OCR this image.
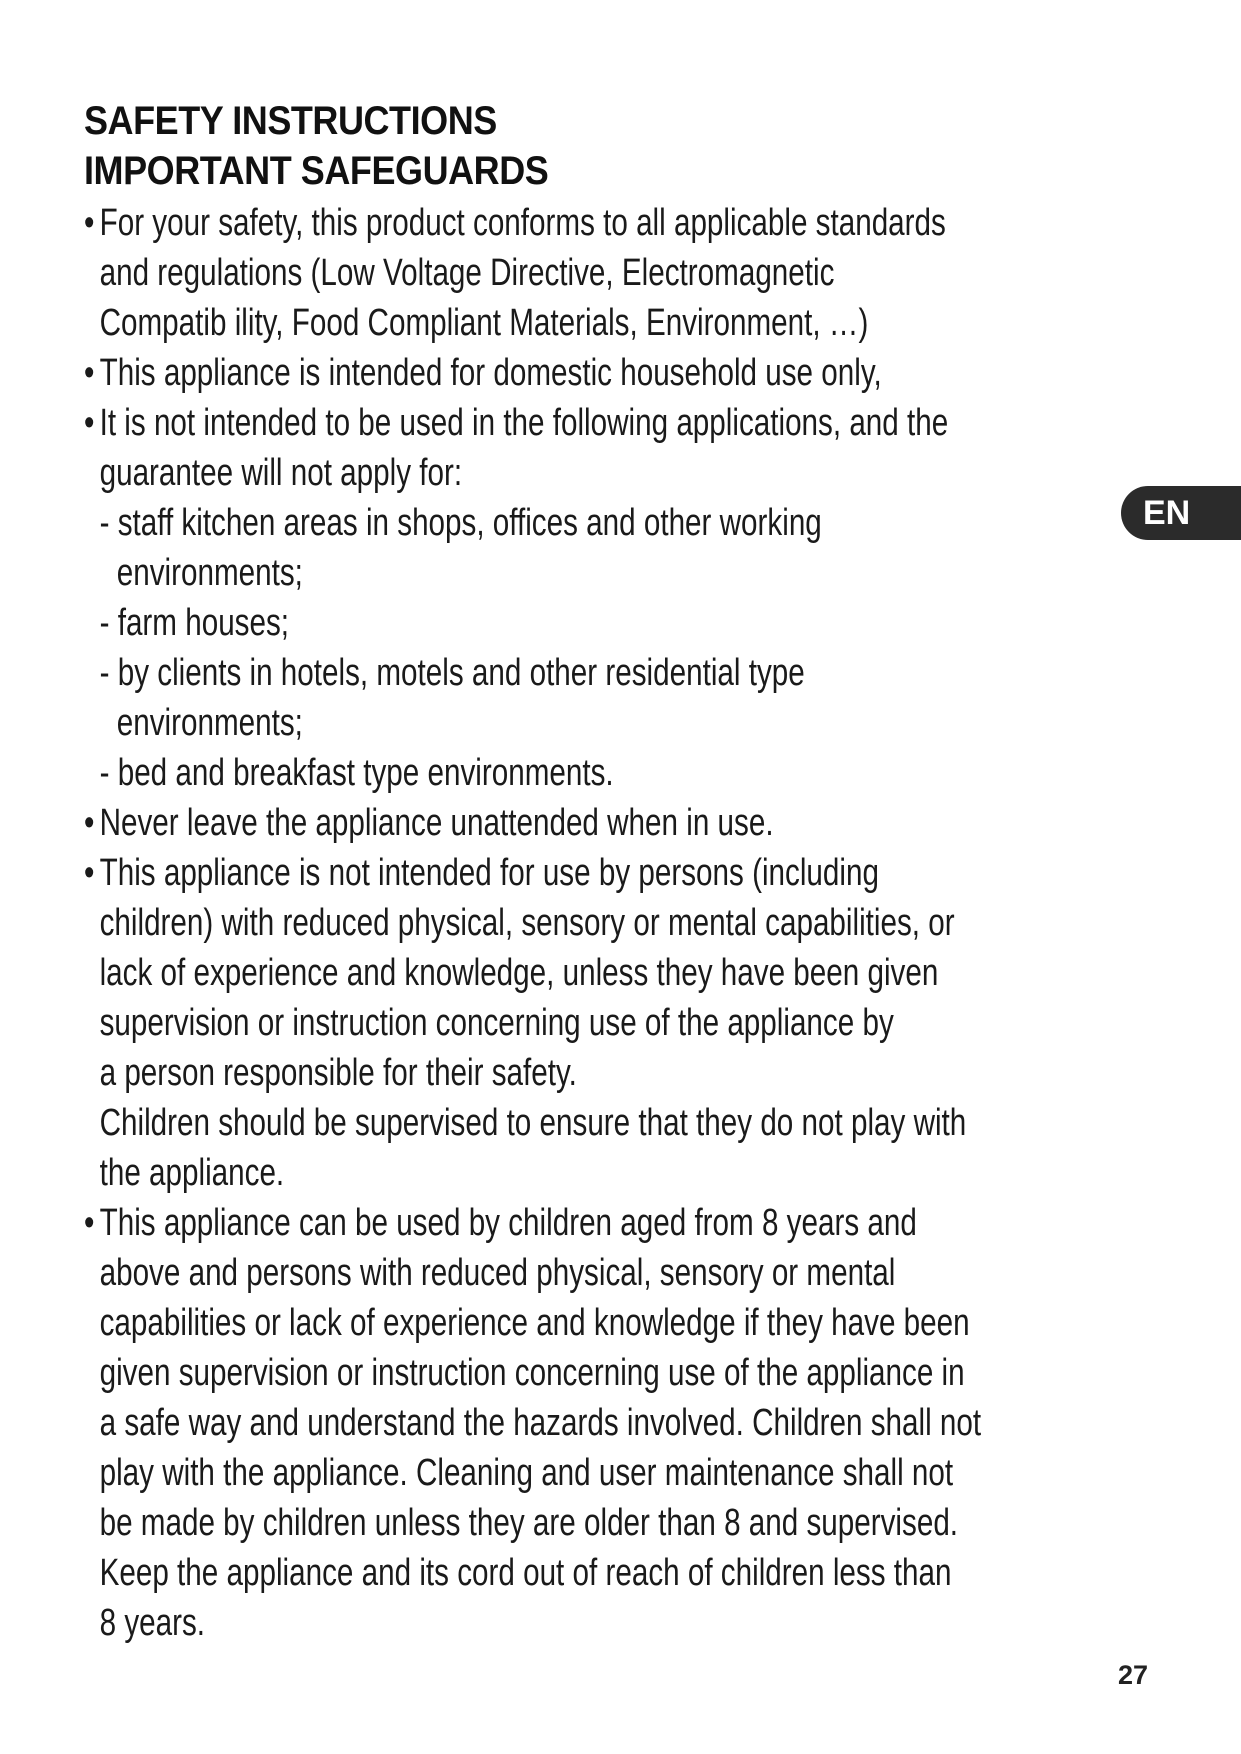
SAFETY INSTRUCTIONS
IMPORTANT SAFEGUARDS
• For your safety, this product conforms to all applicable standards
and regulations (Low Voltage Directive, Electromagnetic
Compatib ility, Food Compliant Materials, Environment, …)
• This appliance is intended for domestic household use only,
• It is not intended to be used in the following applications, and the
guarantee will not apply for:
- staff kitchen areas in shops, offices and other working
environments;
- farm houses;
- by clients in hotels, motels and other residential type
environments;
- bed and breakfast type environments.
• Never leave the appliance unattended when in use.
• This appliance is not intended for use by persons (including
children) with reduced physical, sensory or mental capabilities, or
lack of experience and knowledge, unless they have been given
supervision or instruction concerning use of the appliance by
a person responsible for their safety.
Children should be supervised to ensure that they do not play with
the appliance.
• This appliance can be used by children aged from 8 years and
above and persons with reduced physical, sensory or mental
capabilities or lack of experience and knowledge if they have been
given supervision or instruction concerning use of the appliance in
a safe way and understand the hazards involved. Children shall not
play with the appliance. Cleaning and user maintenance shall not
be made by children unless they are older than 8 and supervised.
Keep the appliance and its cord out of reach of children less than
8 years.
EN
27
